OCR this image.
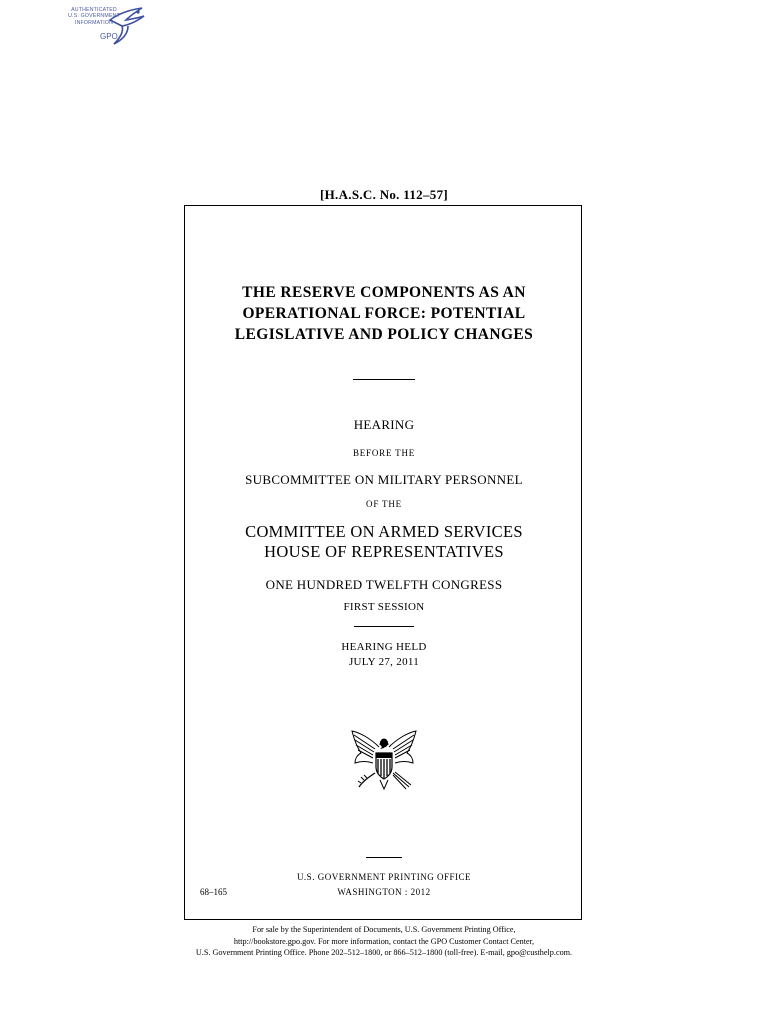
AUTHENTICATED
U.S. GOVERNMENT
INFORMATION
GPO
[H.A.S.C. No. 112–57]
THE RESERVE COMPONENTS AS AN
OPERATIONAL FORCE: POTENTIAL
LEGISLATIVE AND POLICY CHANGES
HEARING
BEFORE THE
SUBCOMMITTEE ON MILITARY PERSONNEL
OF THE
COMMITTEE ON ARMED SERVICES
HOUSE OF REPRESENTATIVES
ONE HUNDRED TWELFTH CONGRESS
FIRST SESSION
HEARING HELD
JULY 27, 2011
U.S. GOVERNMENT PRINTING OFFICE
68–165	WASHINGTON : 2012
For sale by the Superintendent of Documents, U.S. Government Printing Office,
http://bookstore.gpo.gov. For more information, contact the GPO Customer Contact Center,
U.S. Government Printing Office. Phone 202–512–1800, or 866–512–1800 (toll-free). E-mail, gpo@custhelp.com.
